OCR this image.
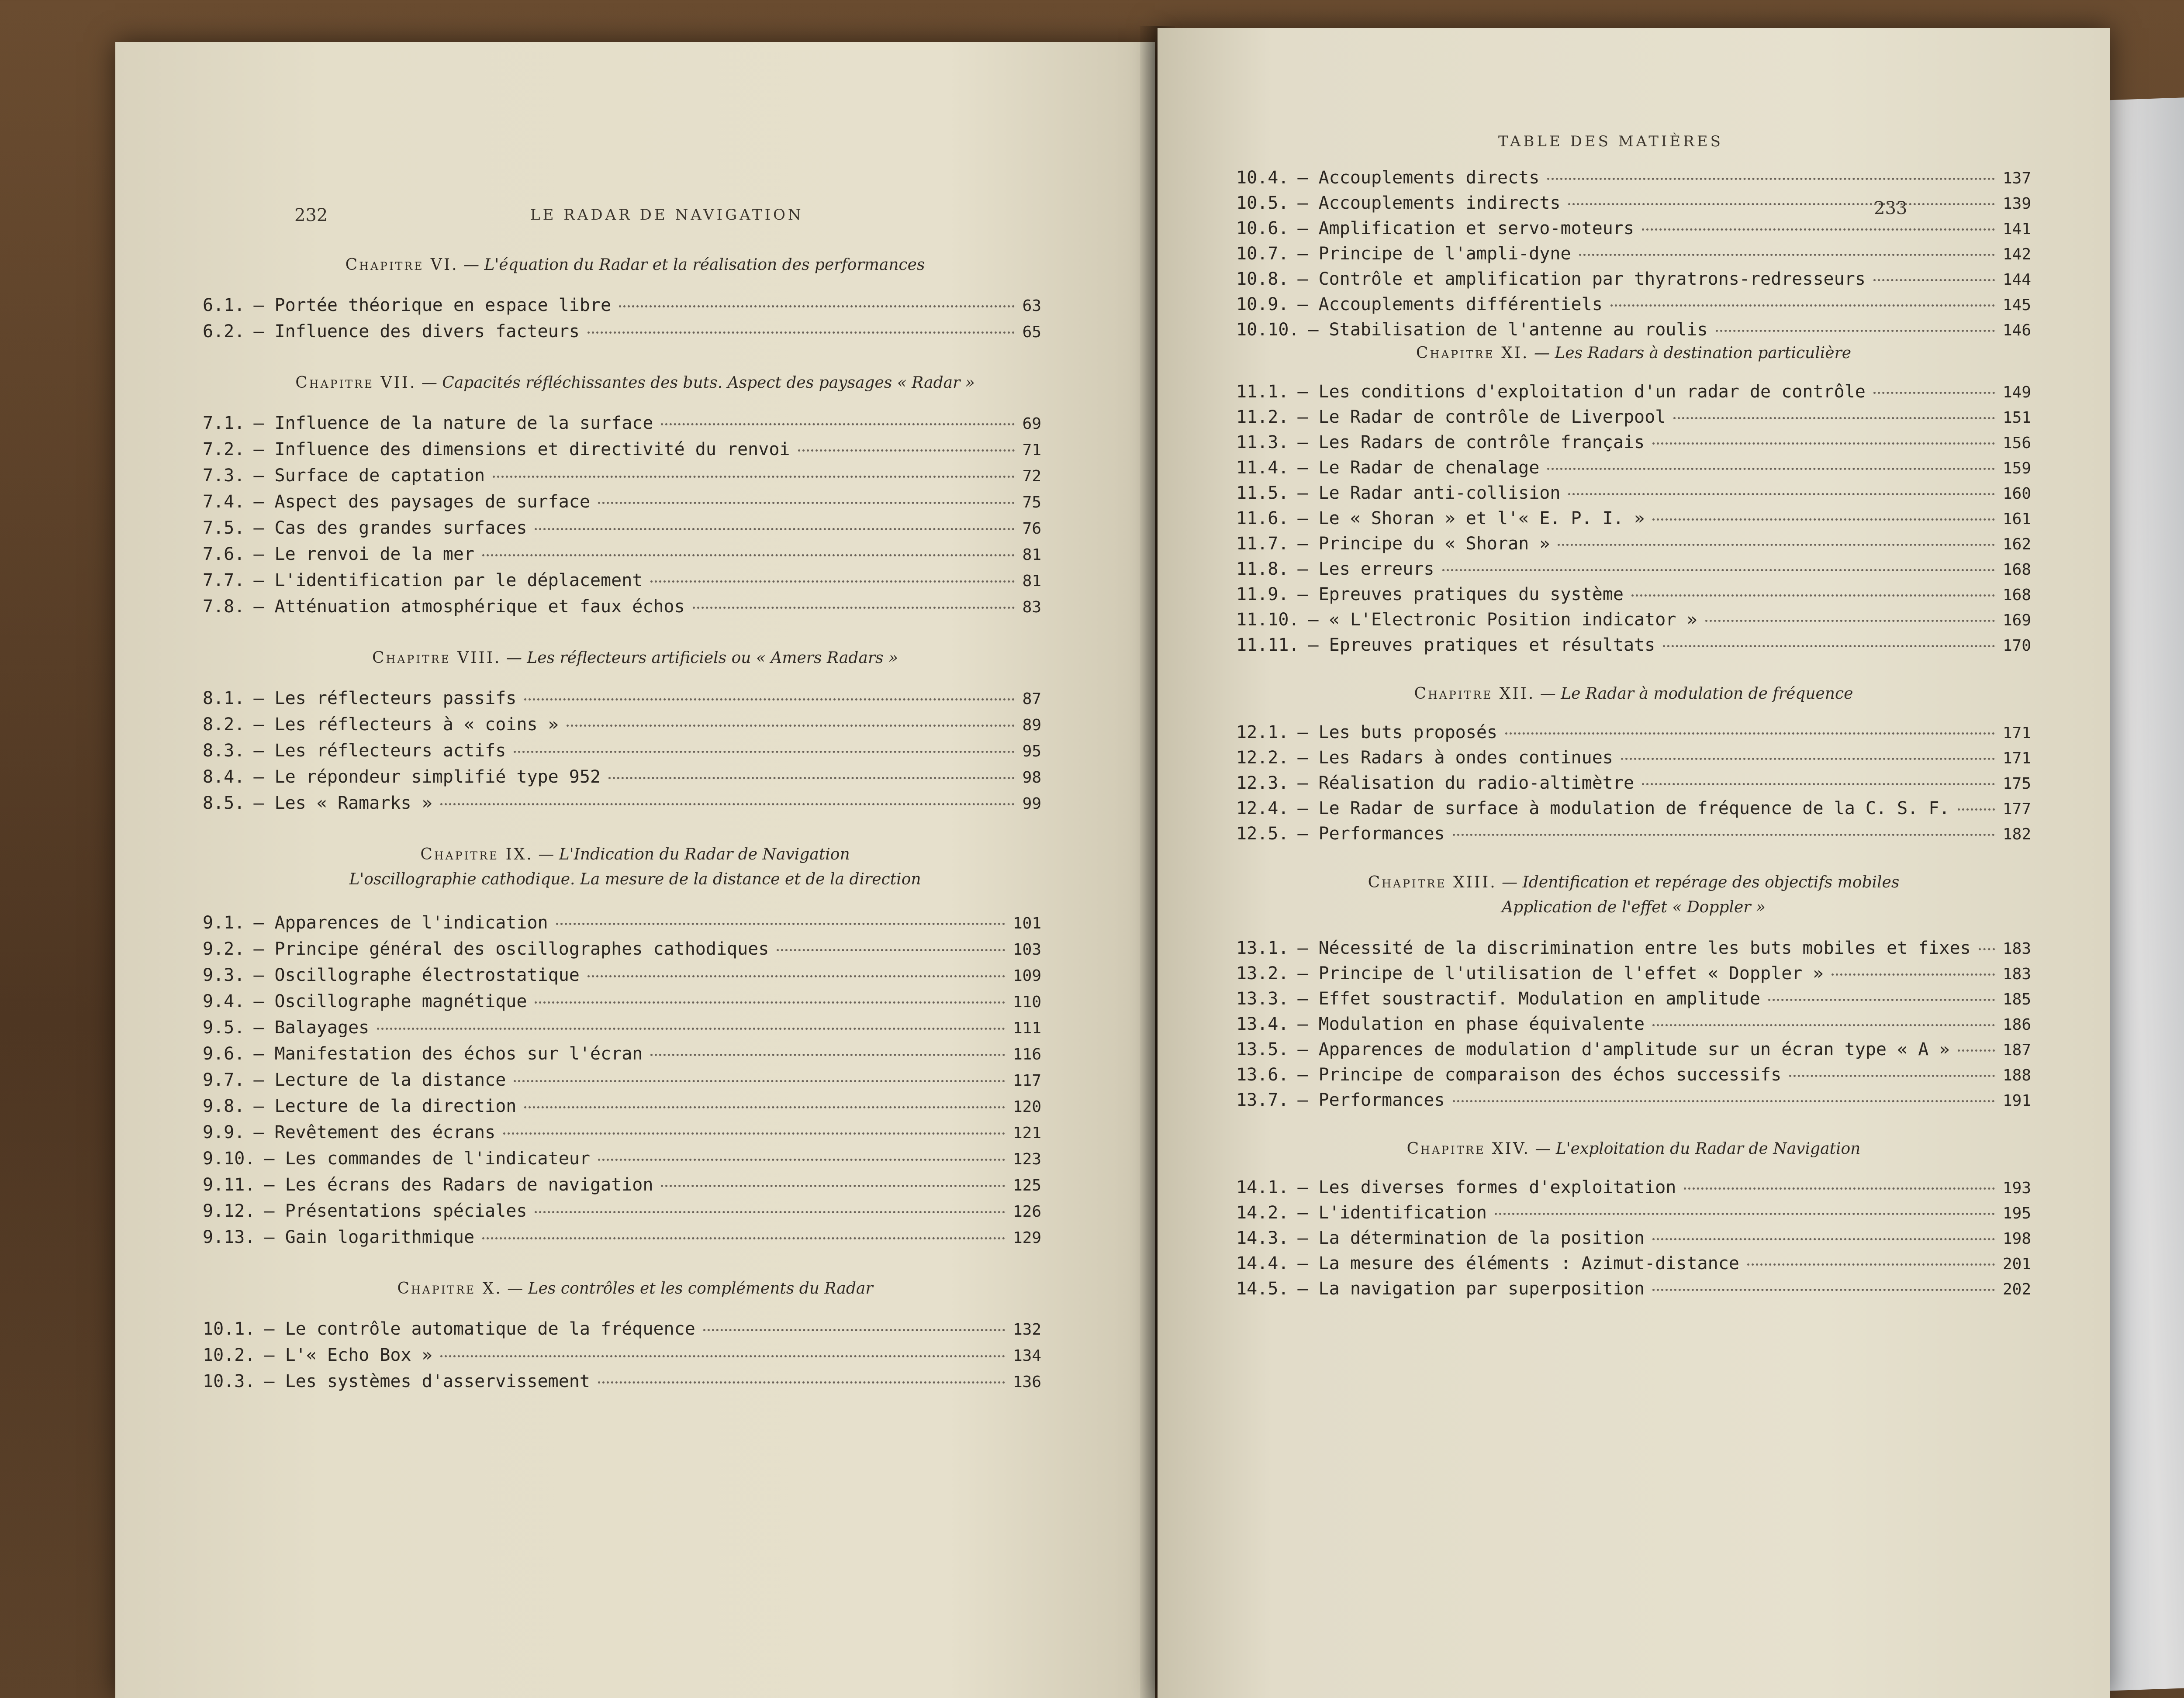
232	LE RADAR DE NAVIGATION
Chapitre VI. — L'équation du Radar et la réalisation des performances
6.1. — Portée théorique en espace libre	63
6.2. — Influence des divers facteurs	65
Chapitre VII. — Capacités réfléchissantes des buts. Aspect des paysages « Radar »
7.1. — Influence de la nature de la surface	69
7.2. — Influence des dimensions et directivité du renvoi	71
7.3. — Surface de captation	72
7.4. — Aspect des paysages de surface	75
7.5. — Cas des grandes surfaces	76
7.6. — Le renvoi de la mer	81
7.7. — L'identification par le déplacement	81
7.8. — Atténuation atmosphérique et faux échos	83
Chapitre VIII. — Les réflecteurs artificiels ou « Amers Radars »
8.1. — Les réflecteurs passifs	87
8.2. — Les réflecteurs à « coins »	89
8.3. — Les réflecteurs actifs	95
8.4. — Le répondeur simplifié type 952	98
8.5. — Les « Ramarks »	99
Chapitre IX. — L'Indication du Radar de Navigation
L'oscillographie cathodique. La mesure de la distance et de la direction
9.1. — Apparences de l'indication	101
9.2. — Principe général des oscillographes cathodiques	103
9.3. — Oscillographe électrostatique	109
9.4. — Oscillographe magnétique	110
9.5. — Balayages	111
9.6. — Manifestation des échos sur l'écran	116
9.7. — Lecture de la distance	117
9.8. — Lecture de la direction	120
9.9. — Revêtement des écrans	121
9.10. — Les commandes de l'indicateur	123
9.11. — Les écrans des Radars de navigation	125
9.12. — Présentations spéciales	126
9.13. — Gain logarithmique	129
Chapitre X. — Les contrôles et les compléments du Radar
10.1. — Le contrôle automatique de la fréquence	132
10.2. — L'« Echo Box »	134
10.3. — Les systèmes d'asservissement	136
TABLE DES MATIÈRES
233
10.4. — Accouplements directs	137
10.5. — Accouplements indirects	139
10.6. — Amplification et servo-moteurs	141
10.7. — Principe de l'ampli-dyne	142
10.8. — Contrôle et amplification par thyratrons-redresseurs	144
10.9. — Accouplements différentiels	145
10.10. — Stabilisation de l'antenne au roulis	146
Chapitre XI. — Les Radars à destination particulière
11.1. — Les conditions d'exploitation d'un radar de contrôle	149
11.2. — Le Radar de contrôle de Liverpool	151
11.3. — Les Radars de contrôle français	156
11.4. — Le Radar de chenalage	159
11.5. — Le Radar anti-collision	160
11.6. — Le « Shoran » et l'« E. P. I. »	161
11.7. — Principe du « Shoran »	162
11.8. — Les erreurs	168
11.9. — Epreuves pratiques du système	168
11.10. — « L'Electronic Position indicator »	169
11.11. — Epreuves pratiques et résultats	170
Chapitre XII. — Le Radar à modulation de fréquence
12.1. — Les buts proposés	171
12.2. — Les Radars à ondes continues	171
12.3. — Réalisation du radio-altimètre	175
12.4. — Le Radar de surface à modulation de fréquence de la C. S. F.	177
12.5. — Performances	182
Chapitre XIII. — Identification et repérage des objectifs mobiles
Application de l'effet « Doppler »
13.1. — Nécessité de la discrimination entre les buts mobiles et fixes 183
13.2. — Principe de l'utilisation de l'effet « Doppler »	183
13.3. — Effet soustractif. Modulation en amplitude	185
13.4. — Modulation en phase équivalente	186
13.5. — Apparences de modulation d'amplitude sur un écran type « A »	187
13.6. — Principe de comparaison des échos successifs	188
13.7. — Performances	191
Chapitre XIV. — L'exploitation du Radar de Navigation
14.1. — Les diverses formes d'exploitation	193
14.2. — L'identification	195
14.3. — La détermination de la position	198
14.4. — La mesure des éléments : Azimut-distance	201
14.5. — La navigation par superposition	202
